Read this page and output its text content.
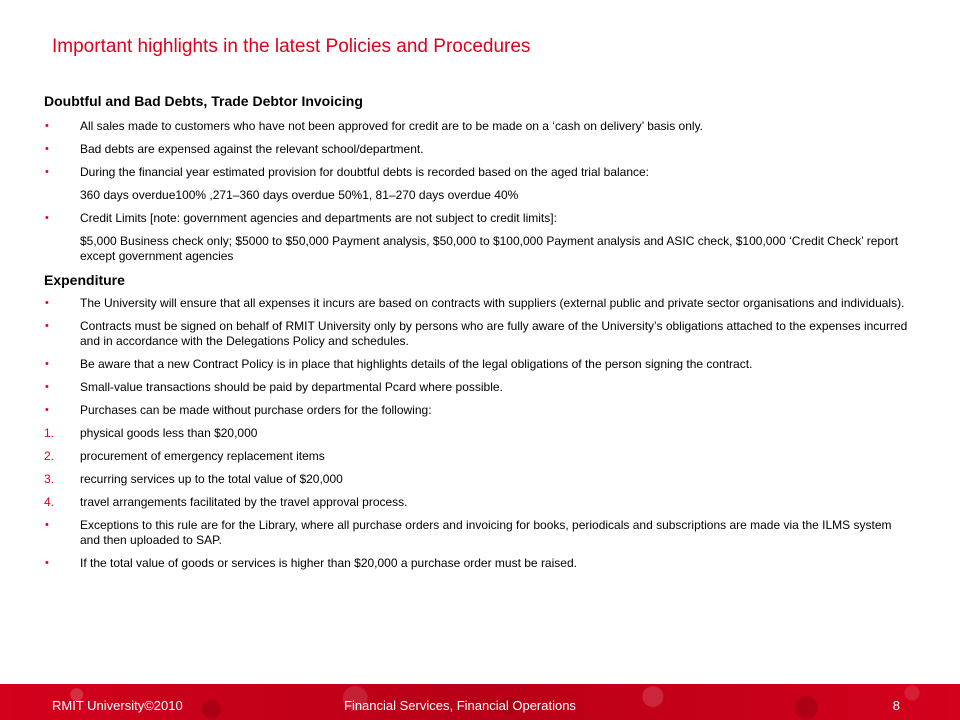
Important highlights in the latest Policies and Procedures
Doubtful and Bad Debts, Trade Debtor Invoicing
•	All sales made to customers who have not been approved for credit are to be made on a ‘cash on delivery’ basis only.
•	Bad debts are expensed against the relevant school/department.
•	During the financial year estimated provision for doubtful debts is recorded based on the aged trial balance:
360 days overdue100% ,271–360 days overdue 50%1, 81–270 days overdue 40%
•	Credit Limits [note: government agencies and departments are not subject to credit limits]:
$5,000 Business check only; $5000 to $50,000 Payment analysis, $50,000 to $100,000 Payment analysis and ASIC check, $100,000 ‘Credit Check’ report except government agencies
Expenditure
•	The University will ensure that all expenses it incurs are based on contracts with suppliers (external public and private sector organisations and individuals).
•	Contracts must be signed on behalf of RMIT University only by persons who are fully aware of the University’s obligations attached to the expenses incurred and in accordance with the Delegations Policy and schedules.
•	Be aware that a new Contract Policy is in place that highlights details of the legal obligations of the person signing the contract.
•	Small-value transactions should be paid by departmental Pcard where possible.
•	Purchases can be made without purchase orders for the following:
1. physical goods less than $20,000
2. procurement of emergency replacement items
3. recurring services up to the total value of $20,000
4. travel arrangements facilitated by the travel approval process.
•	Exceptions to this rule are for the Library, where all purchase orders and invoicing for books, periodicals and subscriptions are made via the ILMS system and then uploaded to SAP.
•	If the total value of goods or services is higher than $20,000 a purchase order must be raised.
RMIT University©2010	Financial Services, Financial Operations	8
